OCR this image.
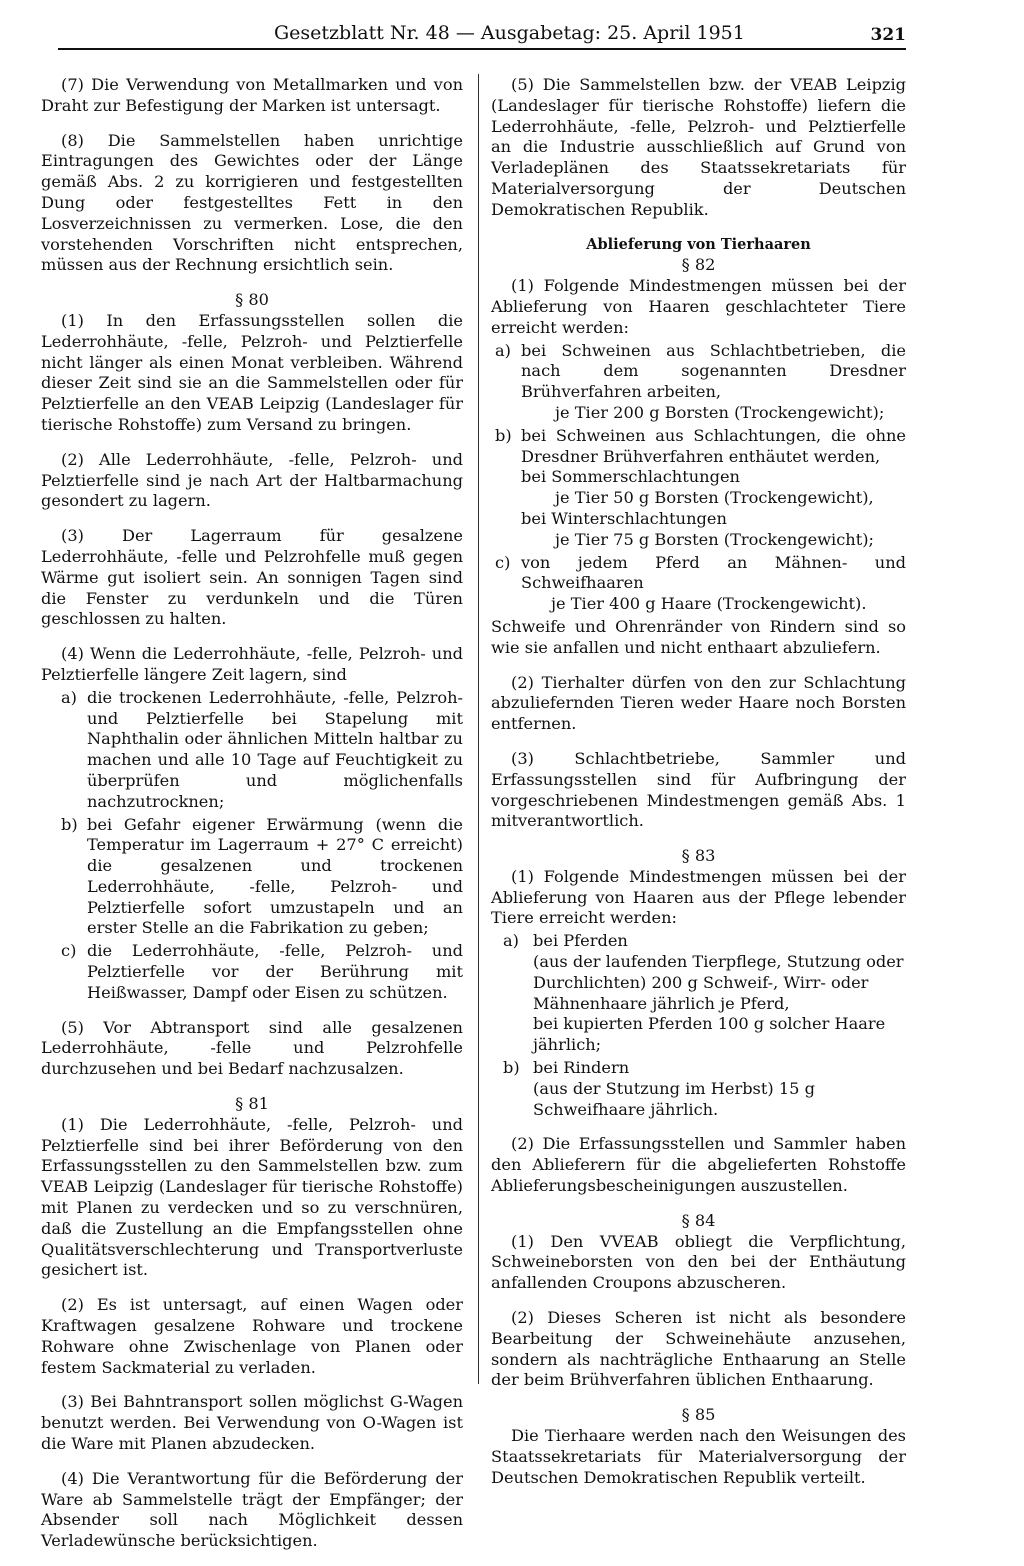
Gesetzblatt Nr. 48 — Ausgabetag: 25. April 1951	321

(7) Die Verwendung von Metallmarken und von Draht zur Befestigung der Marken ist untersagt.

(8) Die Sammelstellen haben unrichtige Eintragungen des Gewichtes oder der Länge gemäß Abs. 2 zu korrigieren und festgestellten Dung oder festgestelltes Fett in den Losverzeichnissen zu vermerken. Lose, die den vorstehenden Vorschriften nicht entsprechen, müssen aus der Rechnung ersichtlich sein.

§ 80

(1) In den Erfassungsstellen sollen die Lederrohhäute, -felle, Pelzroh- und Pelztierfelle nicht länger als einen Monat verbleiben. Während dieser Zeit sind sie an die Sammelstellen oder für Pelztierfelle an den VEAB Leipzig (Landeslager für tierische Rohstoffe) zum Versand zu bringen.

(2) Alle Lederrohhäute, -felle, Pelzroh- und Pelztierfelle sind je nach Art der Haltbarmachung gesondert zu lagern.

(3) Der Lagerraum für gesalzene Lederrohhäute, -felle und Pelzrohfelle muß gegen Wärme gut isoliert sein. An sonnigen Tagen sind die Fenster zu verdunkeln und die Türen geschlossen zu halten.

(4) Wenn die Lederrohhäute, -felle, Pelzroh- und Pelztierfelle längere Zeit lagern, sind

a) die trockenen Lederrohhäute, -felle, Pelzroh- und Pelztierfelle bei Stapelung mit Naphthalin oder ähnlichen Mitteln haltbar zu machen und alle 10 Tage auf Feuchtigkeit zu überprüfen und möglichenfalls nachzutrocknen;
b) bei Gefahr eigener Erwärmung (wenn die Temperatur im Lagerraum + 27° C erreicht) die gesalzenen und trockenen Lederrohhäute, -felle, Pelzroh- und Pelztierfelle sofort umzustapeln und an erster Stelle an die Fabrikation zu geben;
c) die Lederrohhäute, -felle, Pelzroh- und Pelztierfelle vor der Berührung mit Heißwasser, Dampf oder Eisen zu schützen.

(5) Vor Abtransport sind alle gesalzenen Lederrohhäute, -felle und Pelzrohfelle durchzusehen und bei Bedarf nachzusalzen.

§ 81

(1) Die Lederrohhäute, -felle, Pelzroh- und Pelztierfelle sind bei ihrer Beförderung von den Erfassungsstellen zu den Sammelstellen bzw. zum VEAB Leipzig (Landeslager für tierische Rohstoffe) mit Planen zu verdecken und so zu verschnüren, daß die Zustellung an die Empfangsstellen ohne Qualitätsverschlechterung und Transportverluste gesichert ist.

(2) Es ist untersagt, auf einen Wagen oder Kraftwagen gesalzene Rohware und trockene Rohware ohne Zwischenlage von Planen oder festem Sackmaterial zu verladen.

(3) Bei Bahntransport sollen möglichst G-Wagen benutzt werden. Bei Verwendung von O-Wagen ist die Ware mit Planen abzudecken.

(4) Die Verantwortung für die Beförderung der Ware ab Sammelstelle trägt der Empfänger; der Absender soll nach Möglichkeit dessen Verladewünsche berücksichtigen.

(5) Die Sammelstellen bzw. der VEAB Leipzig (Landeslager für tierische Rohstoffe) liefern die Lederrohhäute, -felle, Pelzroh- und Pelztierfelle an die Industrie ausschließlich auf Grund von Verladeplänen des Staatssekretariats für Materialversorgung der Deutschen Demokratischen Republik.

Ablieferung von Tierhaaren

§ 82

(1) Folgende Mindestmengen müssen bei der Ablieferung von Haaren geschlachteter Tiere erreicht werden:

a) bei Schweinen aus Schlachtbetrieben, die nach dem sogenannten Dresdner Brühverfahren arbeiten,
je Tier 200 g Borsten (Trockengewicht);
b) bei Schweinen aus Schlachtungen, die ohne Dresdner Brühverfahren enthäutet werden,
bei Sommerschlachtungen
je Tier 50 g Borsten (Trockengewicht),
bei Winterschlachtungen
je Tier 75 g Borsten (Trockengewicht);
c) von jedem Pferd an Mähnen- und Schweifhaaren
je Tier 400 g Haare (Trockengewicht).

Schweife und Ohrenränder von Rindern sind so wie sie anfallen und nicht enthaart abzuliefern.

(2) Tierhalter dürfen von den zur Schlachtung abzuliefernden Tieren weder Haare noch Borsten entfernen.

(3) Schlachtbetriebe, Sammler und Erfassungsstellen sind für Aufbringung der vorgeschriebenen Mindestmengen gemäß Abs. 1 mitverantwortlich.

§ 83

(1) Folgende Mindestmengen müssen bei der Ablieferung von Haaren aus der Pflege lebender Tiere erreicht werden:

a) bei Pferden
(aus der laufenden Tierpflege, Stutzung oder Durchlichten) 200 g Schweif-, Wirr- oder Mähnenhaare jährlich je Pferd,
bei kupierten Pferden 100 g solcher Haare jährlich;
b) bei Rindern
(aus der Stutzung im Herbst) 15 g Schweifhaare jährlich.

(2) Die Erfassungsstellen und Sammler haben den Ablieferern für die abgelieferten Rohstoffe Ablieferungsbescheinigungen auszustellen.

§ 84

(1) Den VVEAB obliegt die Verpflichtung, Schweineborsten von den bei der Enthäutung anfallenden Croupons abzuscheren.

(2) Dieses Scheren ist nicht als besondere Bearbeitung der Schweinehäute anzusehen, sondern als nachträgliche Enthaarung an Stelle der beim Brühverfahren üblichen Enthaarung.

§ 85

Die Tierhaare werden nach den Weisungen des Staatssekretariats für Materialversorgung der Deutschen Demokratischen Republik verteilt.
